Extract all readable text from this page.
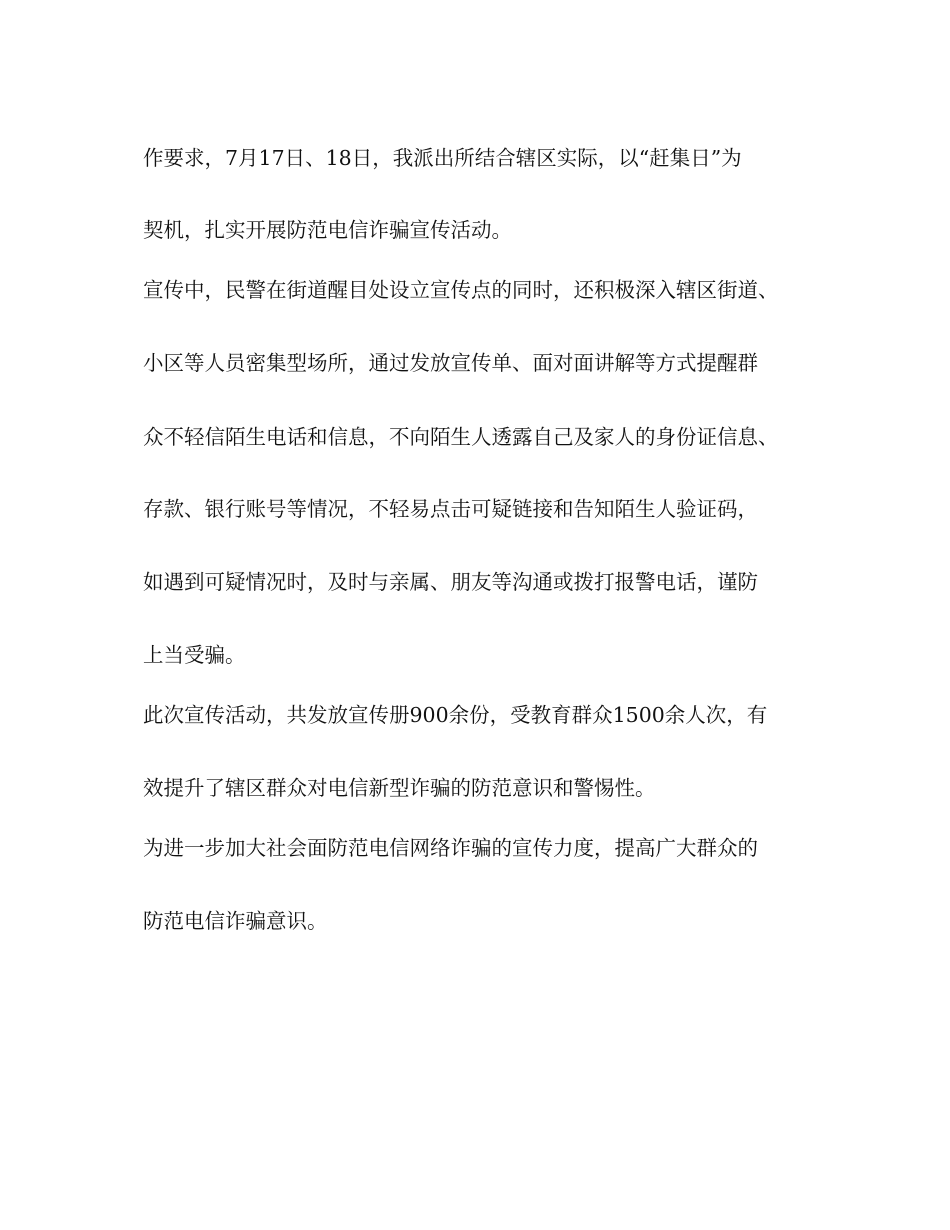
作要求，7月17日、18日，我派出所结合辖区实际，以“赶集日”为
契机，扎实开展防范电信诈骗宣传活动。
宣传中，民警在街道醒目处设立宣传点的同时，还积极深入辖区街道、
小区等人员密集型场所，通过发放宣传单、面对面讲解等方式提醒群
众不轻信陌生电话和信息，不向陌生人透露自己及家人的身份证信息、
存款、银行账号等情况，不轻易点击可疑链接和告知陌生人验证码，
如遇到可疑情况时，及时与亲属、朋友等沟通或拨打报警电话，谨防
上当受骗。
此次宣传活动，共发放宣传册900余份，受教育群众1500余人次，有
效提升了辖区群众对电信新型诈骗的防范意识和警惕性。
为进一步加大社会面防范电信网络诈骗的宣传力度，提高广大群众的
防范电信诈骗意识。
